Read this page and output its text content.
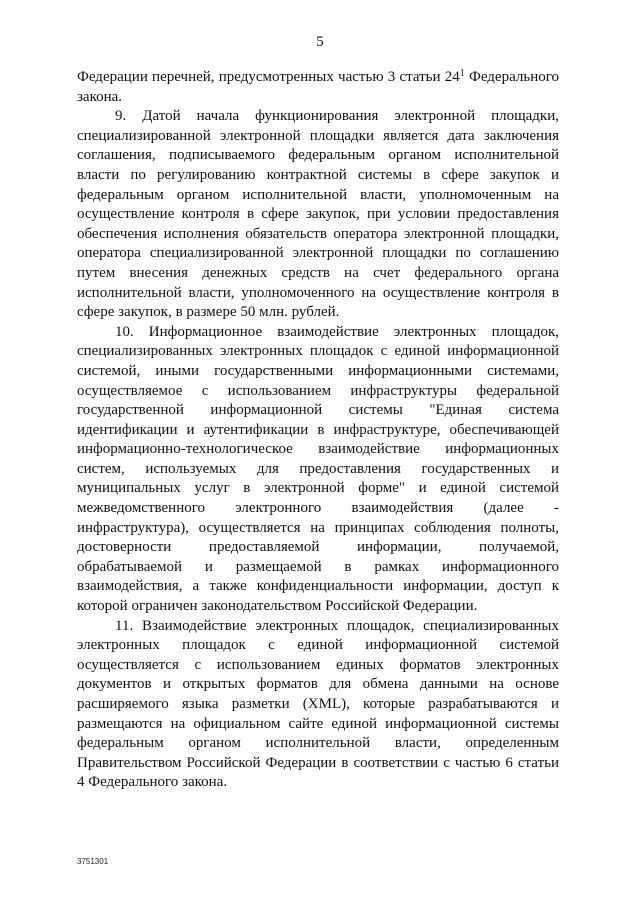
5

Федерации перечней, предусмотренных частью 3 статьи $24^1$ Федерального закона.

9. Датой начала функционирования электронной площадки, специализированной электронной площадки является дата заключения соглашения, подписываемого федеральным органом исполнительной власти по регулированию контрактной системы в сфере закупок и федеральным органом исполнительной власти, уполномоченным на осуществление контроля в сфере закупок, при условии предоставления обеспечения исполнения обязательств оператора электронной площадки, оператора специализированной электронной площадки по соглашению путем внесения денежных средств на счет федерального органа исполнительной власти, уполномоченного на осуществление контроля в сфере закупок, в размере 50 млн. рублей.

10. Информационное взаимодействие электронных площадок, специализированных электронных площадок с единой информационной системой, иными государственными информационными системами, осуществляемое с использованием инфраструктуры федеральной государственной информационной системы "Единая система идентификации и аутентификации в инфраструктуре, обеспечивающей информационно-технологическое взаимодействие информационных систем, используемых для предоставления государственных и муниципальных услуг в электронной форме" и единой системой межведомственного электронного взаимодействия (далее - инфраструктура), осуществляется на принципах соблюдения полноты, достоверности предоставляемой информации, получаемой, обрабатываемой и размещаемой в рамках информационного взаимодействия, а также конфиденциальности информации, доступ к которой ограничен законодательством Российской Федерации.

11. Взаимодействие электронных площадок, специализированных электронных площадок с единой информационной системой осуществляется с использованием единых форматов электронных документов и открытых форматов для обмена данными на основе расширяемого языка разметки (XML), которые разрабатываются и размещаются на официальном сайте единой информационной системы федеральным органом исполнительной власти, определенным Правительством Российской Федерации в соответствии с частью 6 статьи 4 Федерального закона.

3751301
